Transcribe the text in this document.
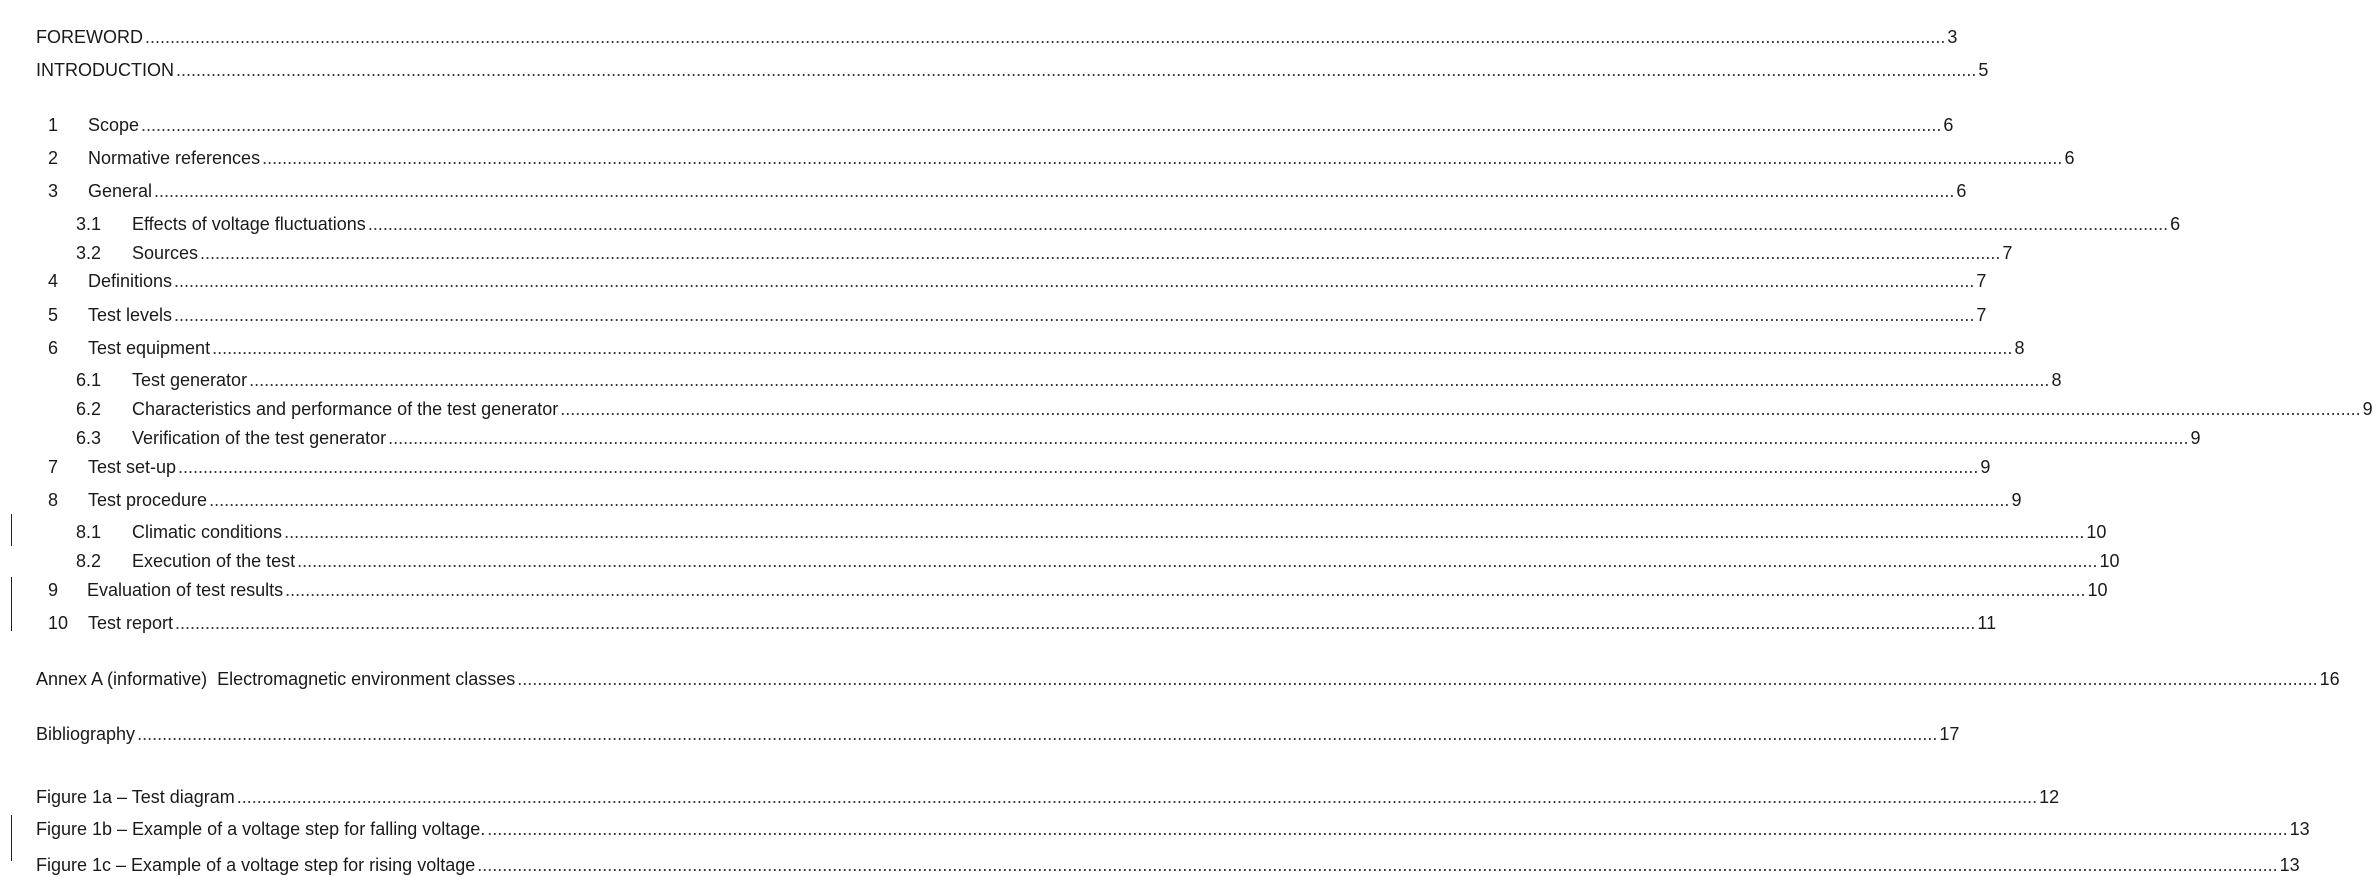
FOREWORD .....	3
INTRODUCTION .....	5
1 Scope .....	6
2 Normative references .....	6
3 General .....	6
3.1 Effects of voltage fluctuations .....	6
3.2 Sources .....	7
4 Definitions .....	7
5 Test levels .....	7
6 Test equipment .....	8
6.1 Test generator .....	8
6.2 Characteristics and performance of the test generator .....	9
6.3 Verification of the test generator .....	9
7 Test set-up .....	9
8 Test procedure .....	9
8.1 Climatic conditions .....	10
8.2 Execution of the test .....	10
9 Evaluation of test results .....	10
10 Test report .....	11
Annex A (informative)  Electromagnetic environment classes .....	16
Bibliography .....	17
Figure 1a – Test diagram .....	12
Figure 1b – Example of a voltage step for falling voltage. .....	13
Figure 1c – Example of a voltage step for rising voltage .....	13
